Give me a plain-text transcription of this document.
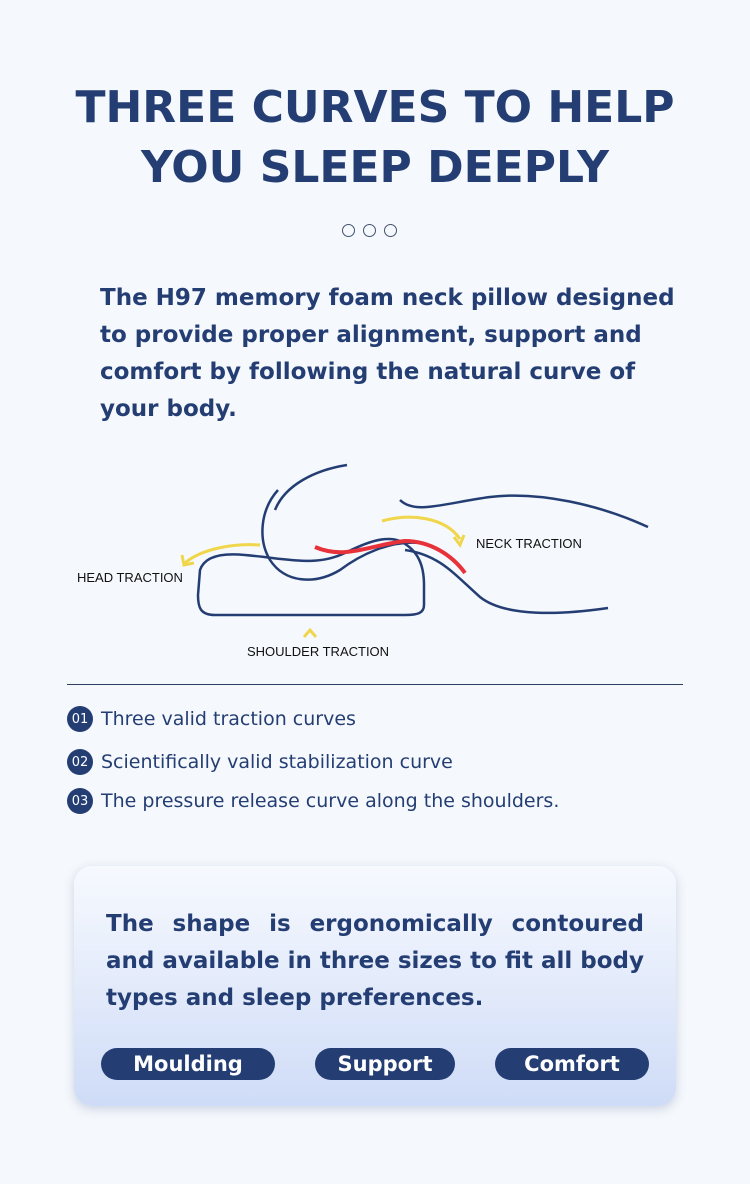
THREE CURVES TO HELP
YOU SLEEP DEEPLY
The H97 memory foam neck pillow designed to provide proper alignment, support and comfort by following the natural curve of your body.
HEAD TRACTION
NECK TRACTION
SHOULDER TRACTION
01 Three valid traction curves
02 Scientifically valid stabilization curve
03 The pressure release curve along the shoulders.
The shape is ergonomically contoured and available in three sizes to fit all body types and sleep preferences.
Moulding	Support	Comfort
